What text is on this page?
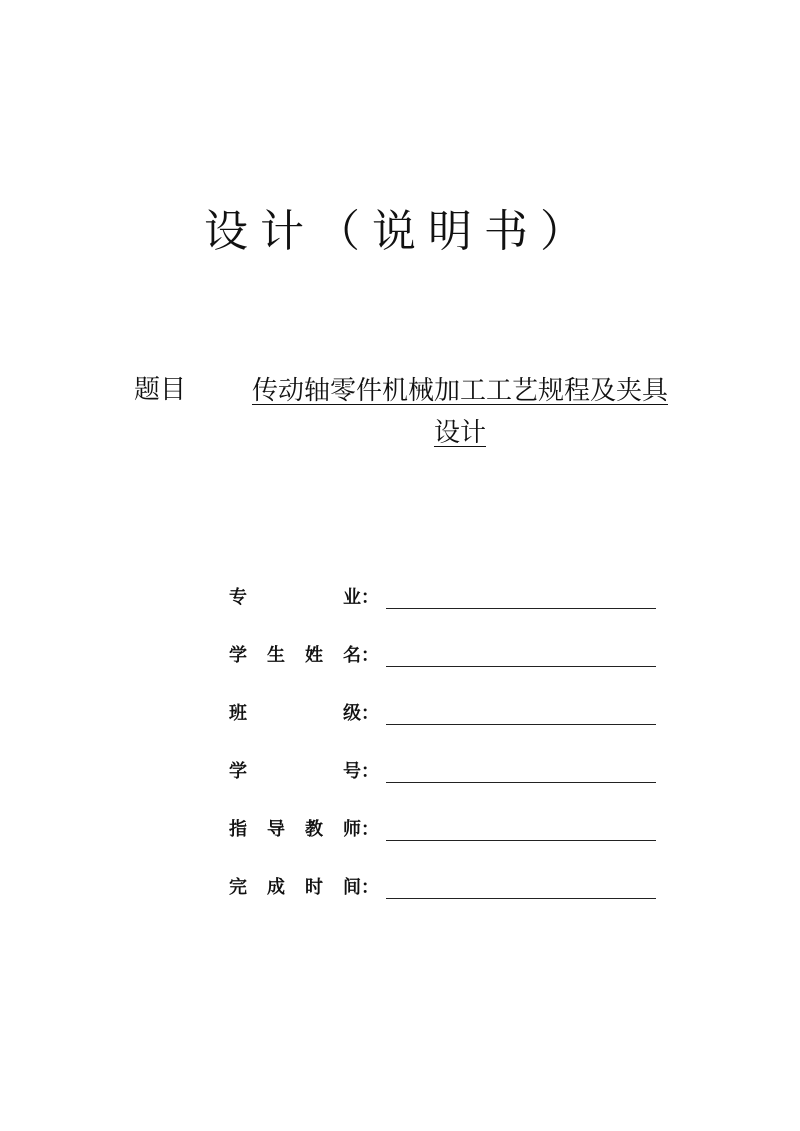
设计（说明书）
题目	传动轴零件机械加工工艺规程及夹具
设计
专	业：
学 生 姓 名：
班	级：
学	号：
指 导 教 师：
完 成 时 间：
